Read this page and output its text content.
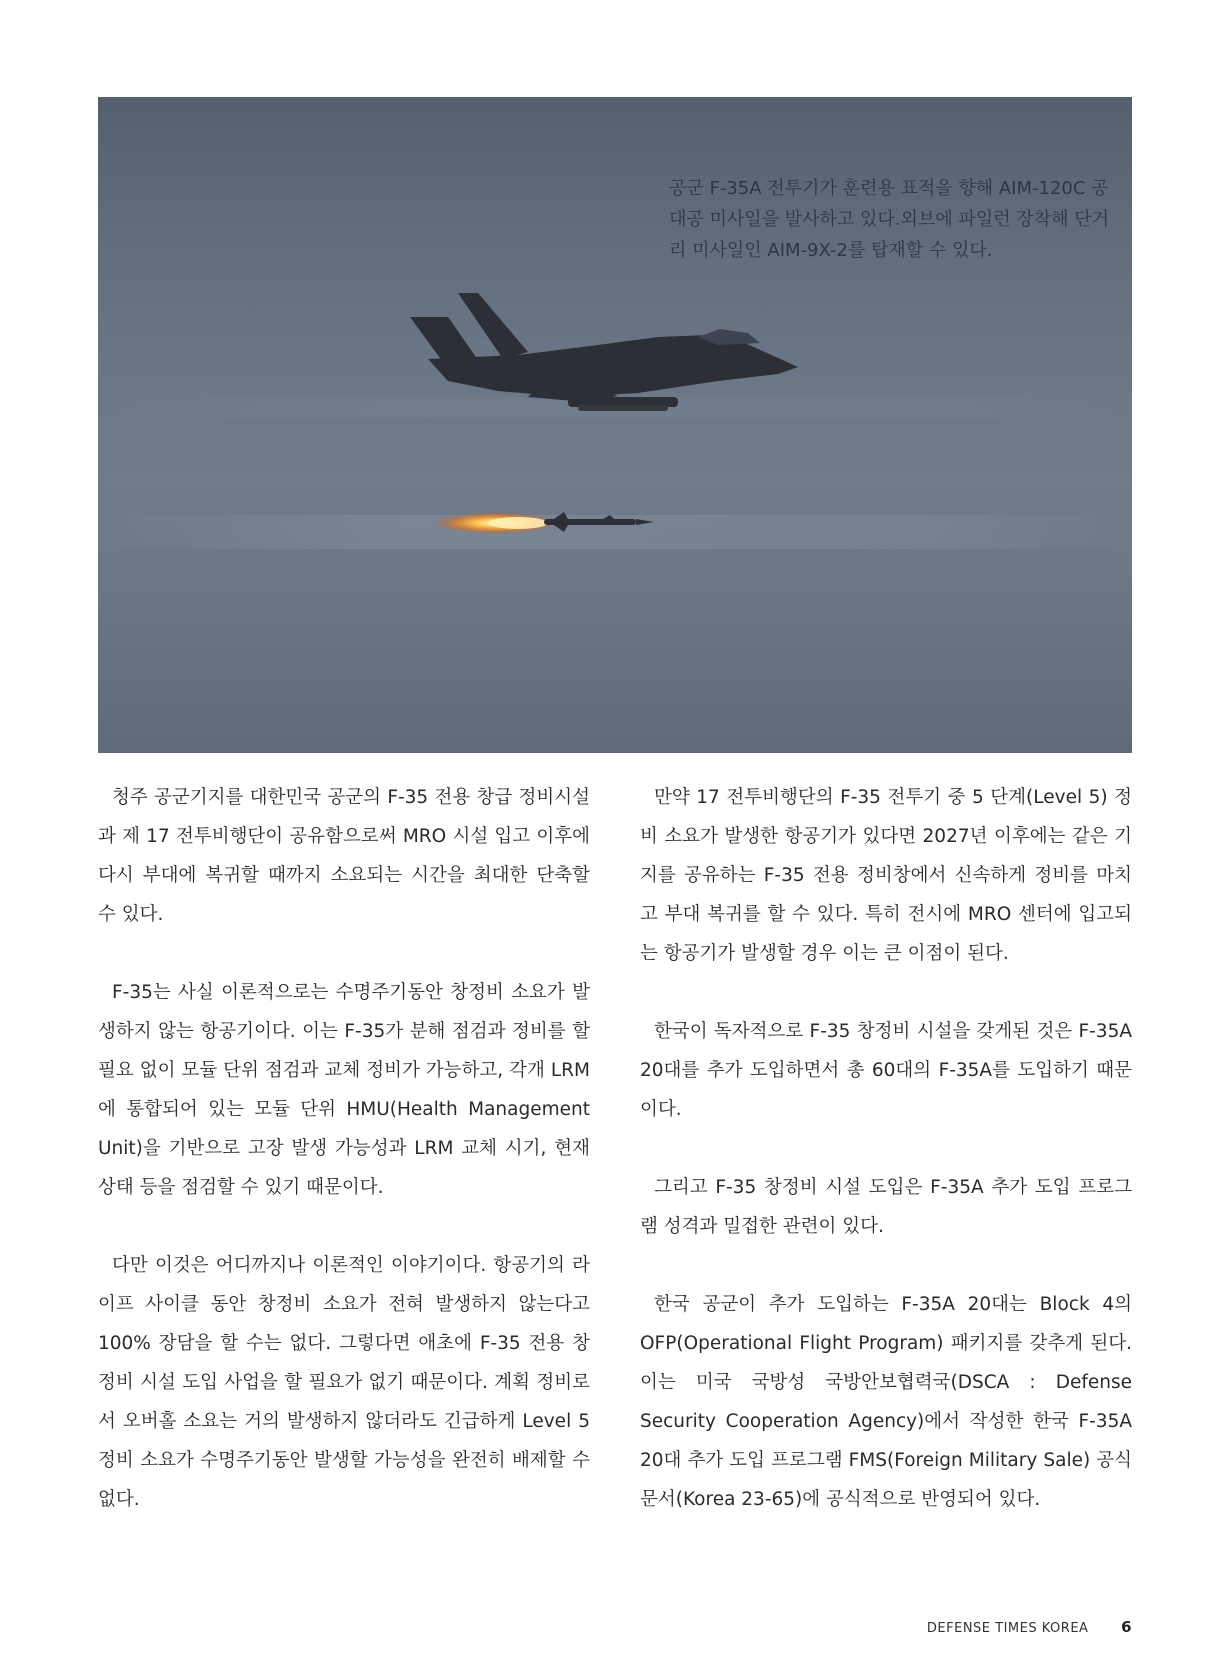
공군 F-35A 전투기가 훈련용 표적을 향해 AIM-120C 공대공 미사일을 발사하고 있다.외브에 파일런 장착해 단거리 미사일인 AIM-9X-2를 탑재할 수 있다.

청주 공군기지를 대한민국 공군의 F-35 전용 창급 정비시설과 제 17 전투비행단이 공유함으로써 MRO 시설 입고 이후에 다시 부대에 복귀할 때까지 소요되는 시간을 최대한 단축할 수 있다.

F-35는 사실 이론적으로는 수명주기동안 창정비 소요가 발생하지 않는 항공기이다. 이는 F-35가 분해 점검과 정비를 할 필요 없이 모듈 단위 점검과 교체 정비가 가능하고, 각개 LRM에 통합되어 있는 모듈 단위 HMU(Health Management Unit)을 기반으로 고장 발생 가능성과 LRM 교체 시기, 현재 상태 등을 점검할 수 있기 때문이다.

다만 이것은 어디까지나 이론적인 이야기이다. 항공기의 라이프 사이클 동안 창정비 소요가 전혀 발생하지 않는다고 100% 장담을 할 수는 없다. 그렇다면 애초에 F-35 전용 창정비 시설 도입 사업을 할 필요가 없기 때문이다. 계획 정비로서 오버홀 소요는 거의 발생하지 않더라도 긴급하게 Level 5 정비 소요가 수명주기동안 발생할 가능성을 완전히 배제할 수 없다.

만약 17 전투비행단의 F-35 전투기 중 5 단계(Level 5) 정비 소요가 발생한 항공기가 있다면 2027년 이후에는 같은 기지를 공유하는 F-35 전용 정비창에서 신속하게 정비를 마치고 부대 복귀를 할 수 있다. 특히 전시에 MRO 센터에 입고되는 항공기가 발생할 경우 이는 큰 이점이 된다.

한국이 독자적으로 F-35 창정비 시설을 갖게된 것은 F-35A 20대를 추가 도입하면서 총 60대의 F-35A를 도입하기 때문이다.

그리고 F-35 창정비 시설 도입은 F-35A 추가 도입 프로그램 성격과 밀접한 관련이 있다.

한국 공군이 추가 도입하는 F-35A 20대는 Block 4의 OFP(Operational Flight Program) 패키지를 갖추게 된다. 이는 미국 국방성 국방안보협력국(DSCA : Defense Security Cooperation Agency)에서 작성한 한국 F-35A 20대 추가 도입 프로그램 FMS(Foreign Military Sale) 공식 문서(Korea 23-65)에 공식적으로 반영되어 있다.

DEFENSE TIMES KOREA 6
